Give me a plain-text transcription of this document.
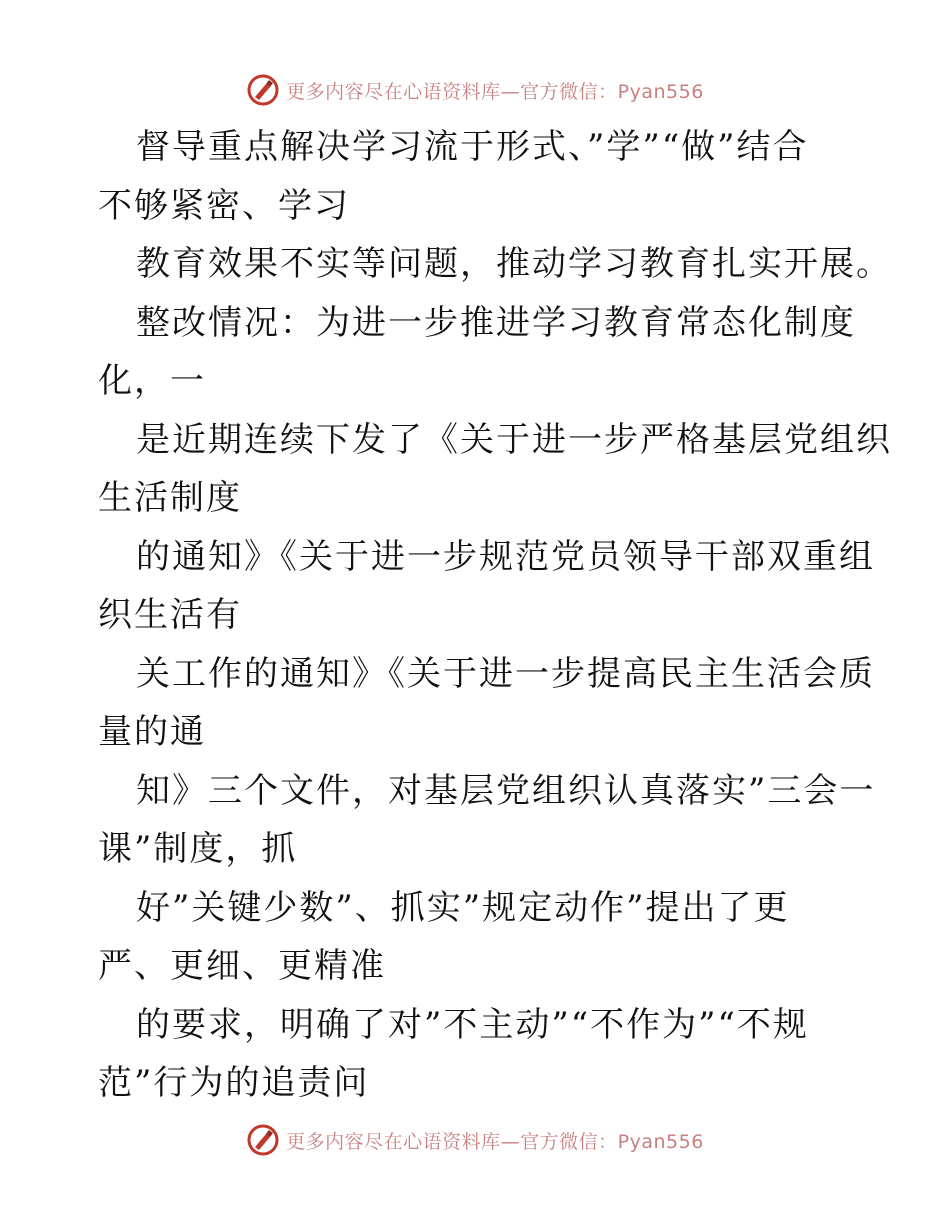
更多内容尽在心语资料库—官方微信：Pyan556
督导重点解决学习流于形式、”学”“做”结合
不够紧密、学习
教育效果不实等问题，推动学习教育扎实开展。
整改情况：为进一步推进学习教育常态化制度
化，一
是近期连续下发了《关于进一步严格基层党组织
生活制度
的通知》《关于进一步规范党员领导干部双重组
织生活有
关工作的通知》《关于进一步提高民主生活会质
量的通
知》三个文件，对基层党组织认真落实”三会一
课”制度，抓
好”关键少数”、抓实”规定动作”提出了更
严、更细、更精准
的要求，明确了对”不主动”“不作为”“不规
范”行为的追责问
更多内容尽在心语资料库—官方微信：Pyan556
